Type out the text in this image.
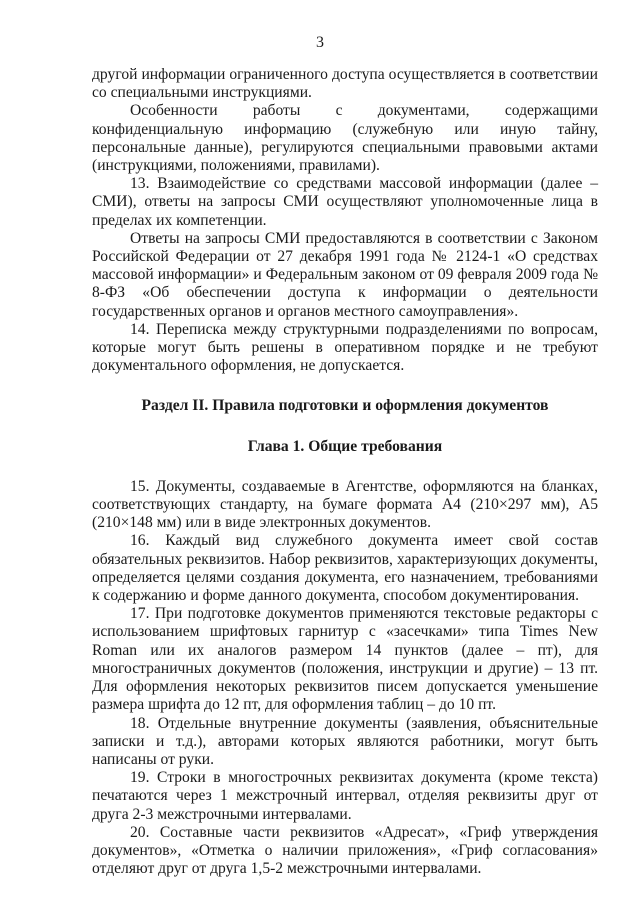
3

другой информации ограниченного доступа осуществляется в соответствии со специальными инструкциями.

Особенности работы с документами, содержащими конфиденциальную информацию (служебную или иную тайну, персональные данные), регулируются специальными правовыми актами (инструкциями, положениями, правилами).

13. Взаимодействие со средствами массовой информации (далее – СМИ), ответы на запросы СМИ осуществляют уполномоченные лица в пределах их компетенции.

Ответы на запросы СМИ предоставляются в соответствии с Законом Российской Федерации от 27 декабря 1991 года № 2124-1 «О средствах массовой информации» и Федеральным законом от 09 февраля 2009 года № 8-ФЗ «Об обеспечении доступа к информации о деятельности государственных органов и органов местного самоуправления».

14. Переписка между структурными подразделениями по вопросам, которые могут быть решены в оперативном порядке и не требуют документального оформления, не допускается.

Раздел II. Правила подготовки и оформления документов

Глава 1. Общие требования

15. Документы, создаваемые в Агентстве, оформляются на бланках, соответствующих стандарту, на бумаге формата А4 (210×297 мм), А5 (210×148 мм) или в виде электронных документов.

16. Каждый вид служебного документа имеет свой состав обязательных реквизитов. Набор реквизитов, характеризующих документы, определяется целями создания документа, его назначением, требованиями к содержанию и форме данного документа, способом документирования.

17. При подготовке документов применяются текстовые редакторы с использованием шрифтовых гарнитур с «засечками» типа Times New Roman или их аналогов размером 14 пунктов (далее – пт), для многостраничных документов (положения, инструкции и другие) – 13 пт. Для оформления некоторых реквизитов писем допускается уменьшение размера шрифта до 12 пт, для оформления таблиц – до 10 пт.

18. Отдельные внутренние документы (заявления, объяснительные записки и т.д.), авторами которых являются работники, могут быть написаны от руки.

19. Строки в многострочных реквизитах документа (кроме текста) печатаются через 1 межстрочный интервал, отделяя реквизиты друг от друга 2-3 межстрочными интервалами.

20. Составные части реквизитов «Адресат», «Гриф утверждения документов», «Отметка о наличии приложения», «Гриф согласования» отделяют друг от друга 1,5-2 межстрочными интервалами.
